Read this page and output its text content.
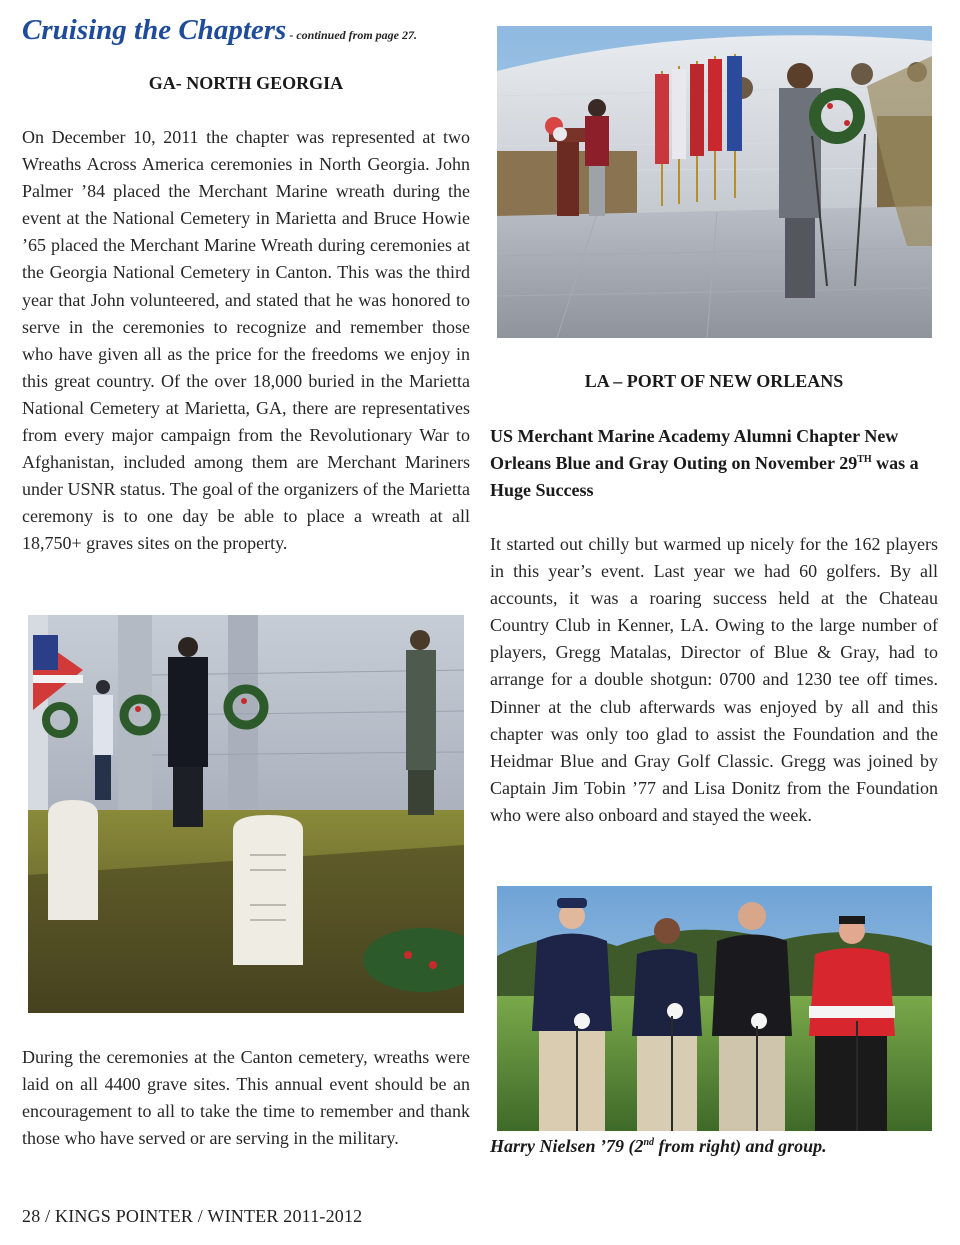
Cruising the Chapters - continued from page 27.
GA- NORTH GEORGIA

On December 10, 2011 the chapter was represented at two Wreaths Across America ceremonies in North Georgia. John Palmer ’84 placed the Merchant Marine wreath during the event at the National Cemetery in Marietta and Bruce Howie ’65 placed the Merchant Marine Wreath during ceremonies at the Georgia National Cemetery in Canton. This was the third year that John volunteered, and stated that he was honored to serve in the ceremonies to recognize and remember those who have given all as the price for the freedoms we enjoy in this great country. Of the over 18,000 buried in the Marietta National Cemetery at Marietta, GA, there are representatives from every major campaign from the Revolutionary War to Afghanistan, included among them are Merchant Mariners under USNR status. The goal of the organizers of the Marietta ceremony is to one day be able to place a wreath at all 18,750+ graves sites on the property.

LA – PORT OF NEW ORLEANS

US Merchant Marine Academy Alumni Chapter New Orleans Blue and Gray Outing on November 29TH was a Huge Success

It started out chilly but warmed up nicely for the 162 players in this year’s event. Last year we had 60 golfers. By all accounts, it was a roaring success held at the Chateau Country Club in Kenner, LA. Owing to the large number of players, Gregg Matalas, Director of Blue & Gray, had to arrange for a double shotgun: 0700 and 1230 tee off times. Dinner at the club afterwards was enjoyed by all and this chapter was only too glad to assist the Foundation and the Heidmar Blue and Gray Golf Classic. Gregg was joined by Captain Jim Tobin ’77 and Lisa Donitz from the Foundation who were also onboard and stayed the week.

During the ceremonies at the Canton cemetery, wreaths were laid on all 4400 grave sites. This annual event should be an encouragement to all to take the time to remember and thank those who have served or are serving in the military.	Harry Nielsen ’79 (2nd from right) and group.
28 / KINGS POINTER / WINTER 2011-2012
